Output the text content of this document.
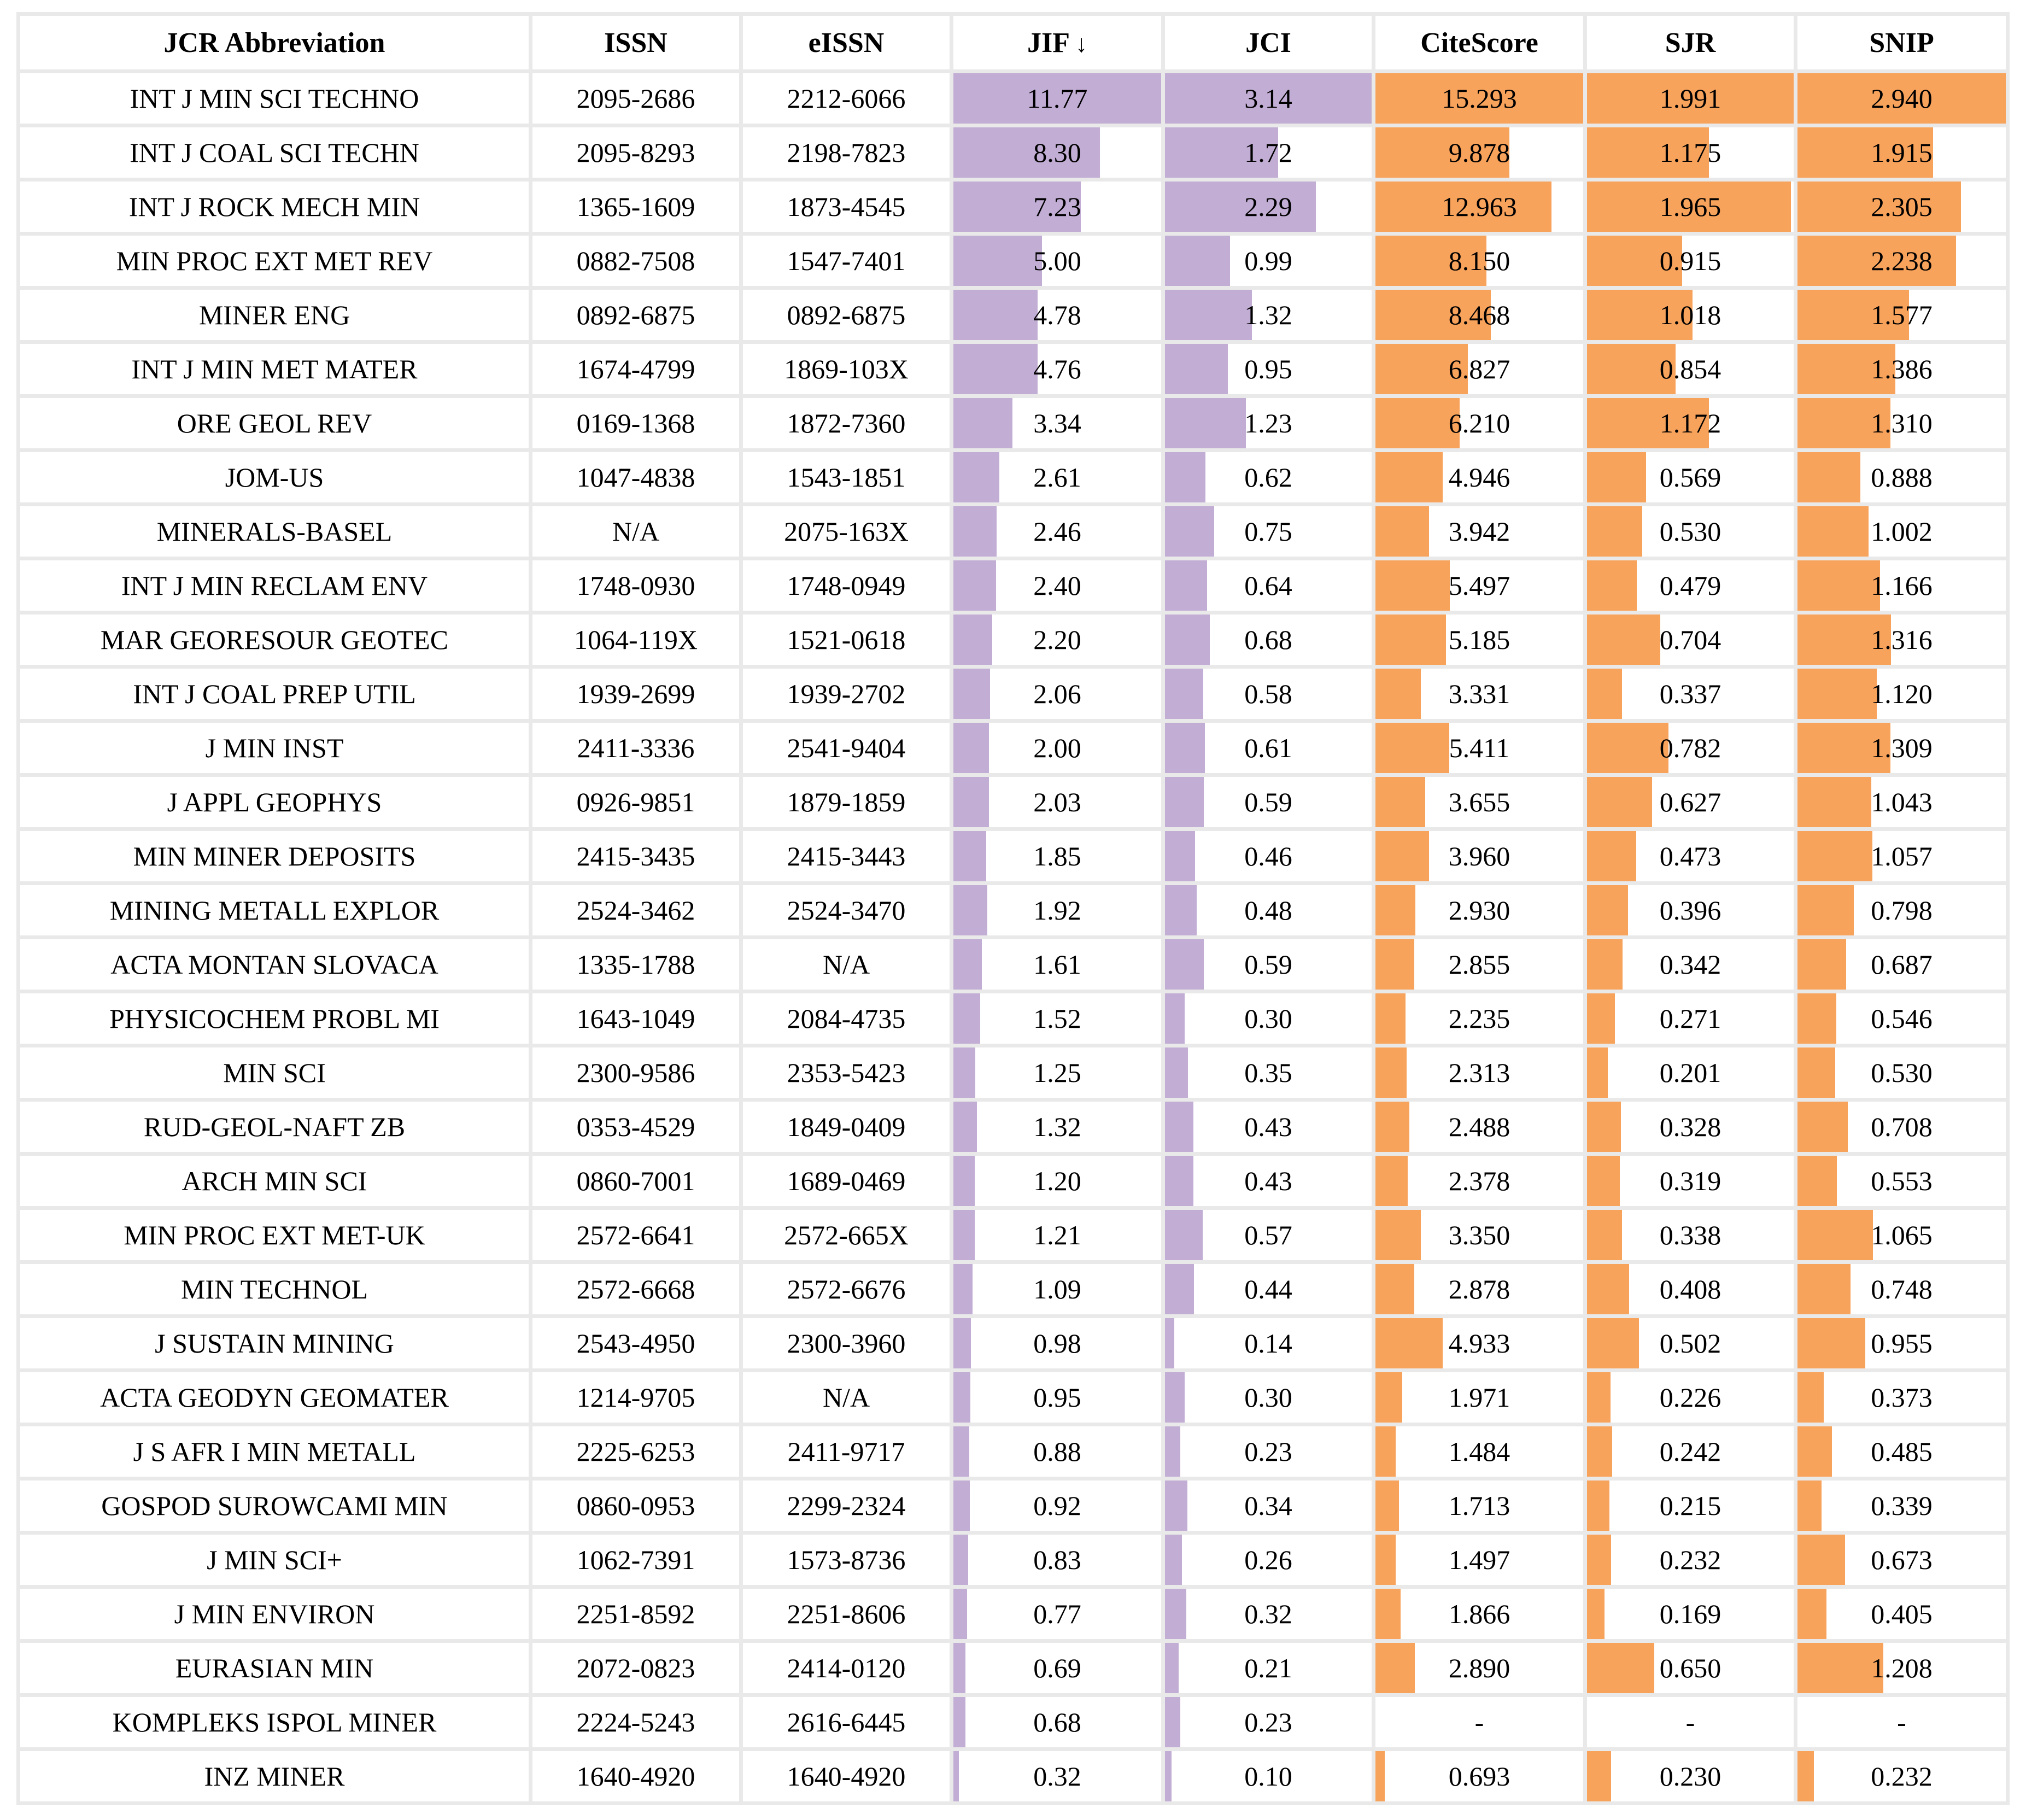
JCR Abbreviation	ISSN	eISSN	JIF ↓	JCI	CiteScore	SJR	SNIP
INT J MIN SCI TECHNO	2095-2686	2212-6066	11.77	3.14	15.293	1.991	2.940

INT J COAL SCI TECHN	2095-8293	2198-7823	8.30	1.72	9.878	1.175	1.915

INT J ROCK MECH MIN	1365-1609	1873-4545	7.23	2.29	12.963	1.965	2.305

MIN PROC EXT MET REV	0882-7508	1547-7401	5.00	0.99	8.150	0.915	2.238

MINER ENG	0892-6875	0892-6875	4.78	1.32	8.468	1.018	1.577

INT J MIN MET MATER	1674-4799	1869-103X	4.76	0.95	6.827	0.854	1.386

ORE GEOL REV	0169-1368	1872-7360	3.34	1.23	6.210	1.172	1.310

JOM-US	1047-4838	1543-1851	2.61	0.62	4.946	0.569	0.888

MINERALS-BASEL	N/A	2075-163X	2.46	0.75	3.942	0.530	1.002

INT J MIN RECLAM ENV	1748-0930	1748-0949	2.40	0.64	5.497	0.479	1.166

MAR GEORESOUR GEOTEC	1064-119X	1521-0618	2.20	0.68	5.185	0.704	1.316

INT J COAL PREP UTIL	1939-2699	1939-2702	2.06	0.58	3.331	0.337	1.120

J MIN INST	2411-3336	2541-9404	2.00	0.61	5.411	0.782	1.309

J APPL GEOPHYS	0926-9851	1879-1859	2.03	0.59	3.655	0.627	1.043

MIN MINER DEPOSITS	2415-3435	2415-3443	1.85	0.46	3.960	0.473	1.057

MINING METALL EXPLOR	2524-3462	2524-3470	1.92	0.48	2.930	0.396	0.798

ACTA MONTAN SLOVACA	1335-1788	N/A	1.61	0.59	2.855	0.342	0.687

PHYSICOCHEM PROBL MI	1643-1049	2084-4735	1.52	0.30	2.235	0.271	0.546

MIN SCI	2300-9586	2353-5423	1.25	0.35	2.313	0.201	0.530

RUD-GEOL-NAFT ZB	0353-4529	1849-0409	1.32	0.43	2.488	0.328	0.708

ARCH MIN SCI	0860-7001	1689-0469	1.20	0.43	2.378	0.319	0.553

MIN PROC EXT MET-UK	2572-6641	2572-665X	1.21	0.57	3.350	0.338	1.065

MIN TECHNOL	2572-6668	2572-6676	1.09	0.44	2.878	0.408	0.748

J SUSTAIN MINING	2543-4950	2300-3960	0.98	0.14	4.933	0.502	0.955

ACTA GEODYN GEOMATER	1214-9705	N/A	0.95	0.30	1.971	0.226	0.373

J S AFR I MIN METALL	2225-6253	2411-9717	0.88	0.23	1.484	0.242	0.485

GOSPOD SUROWCAMI MIN	0860-0953	2299-2324	0.92	0.34	1.713	0.215	0.339

J MIN SCI+	1062-7391	1573-8736	0.83	0.26	1.497	0.232	0.673

J MIN ENVIRON	2251-8592	2251-8606	0.77	0.32	1.866	0.169	0.405

EURASIAN MIN	2072-0823	2414-0120	0.69	0.21	2.890	0.650	1.208

KOMPLEKS ISPOL MINER	2224-5243	2616-6445	0.68	0.23	-	-	-

INZ MINER	1640-4920	1640-4920	0.32	0.10	0.693	0.230	0.232
